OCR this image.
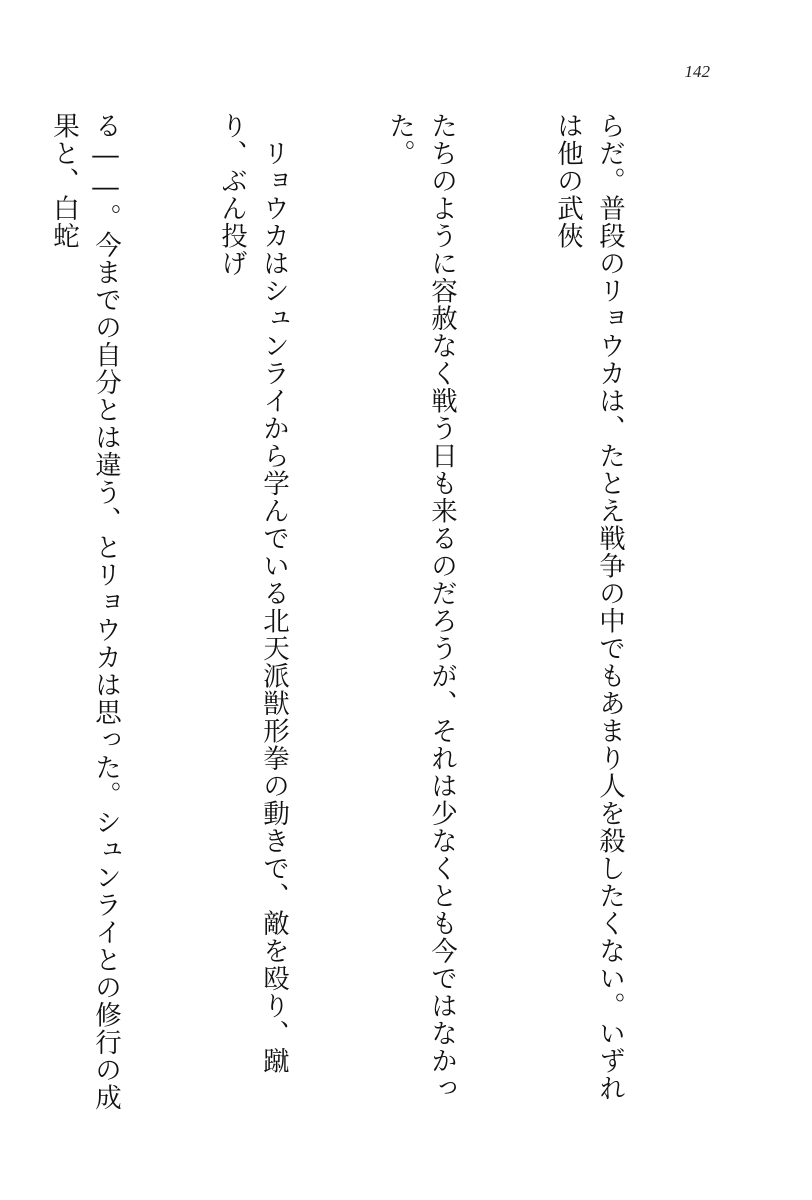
142

らだ。普段のリョウカは、たとえ戦争の中でもあまり人を殺したくない。いずれは他の武俠

たちのように容赦なく戦う日も来るのだろうが、それは少なくとも今ではなかった。

　リョウカはシュンライから学んでいる北天派獣形拳の動きで、敵を殴り、蹴り、ぶん投げ

る――。今までの自分とは違う、とリョウカは思った。シュンライとの修行の成果と、白蛇
